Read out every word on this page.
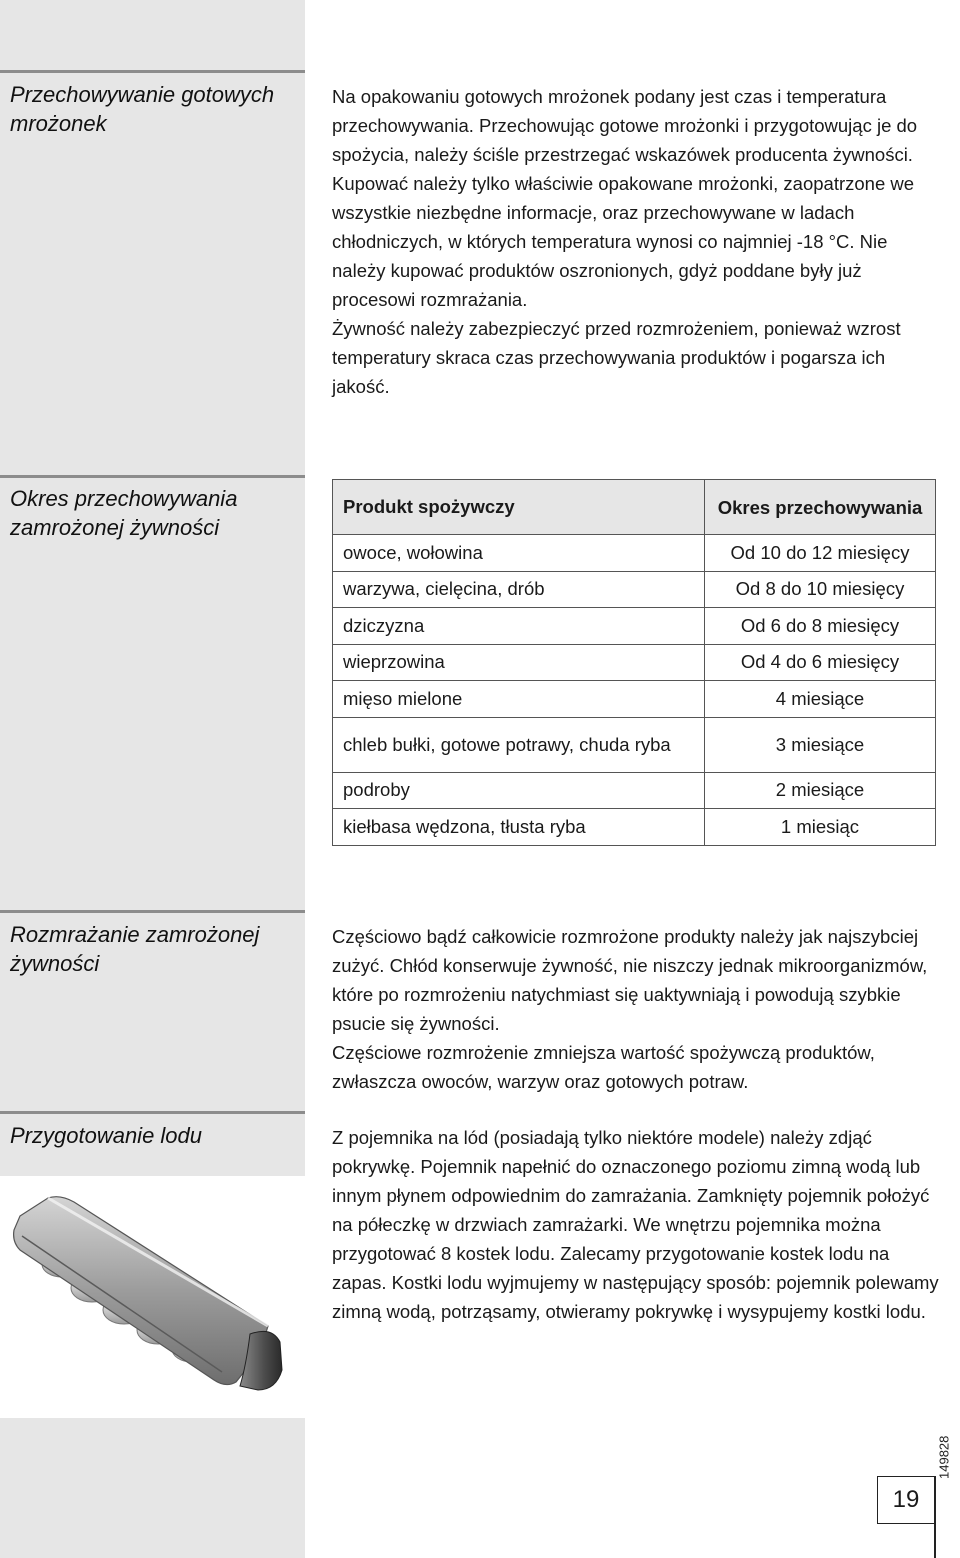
Przechowywanie gotowych mrożonek

Na opakowaniu gotowych mrożonek podany jest czas i temperatura przechowywania. Przechowując gotowe mrożonki i przygotowując je do spożycia, należy ściśle przestrzegać wskazówek producenta żywności. Kupować należy tylko właściwie opakowane mrożonki, zaopatrzone we wszystkie niezbędne informacje, oraz przechowywane w ladach chłodniczych, w których temperatura wynosi co najmniej -18 °C. Nie należy kupować produktów oszronionych, gdyż poddane były już procesowi rozmrażania.

Żywność należy zabezpieczyć przed rozmrożeniem, ponieważ wzrost temperatury skraca czas przechowywania produktów i pogarsza ich jakość.

Okres przechowywania zamrożonej żywności
Produkt spożywczy	Okres przechowywania
owoce, wołowina	Od 10 do 12 miesięcy
warzywa, cielęcina, drób	Od 8 do 10 miesięcy
dziczyzna	Od 6 do 8 miesięcy
wieprzowina	Od 4 do 6 miesięcy
mięso mielone	4 miesiące
chleb bułki, gotowe potrawy, chuda ryba	3 miesiące
podroby	2 miesiące
kiełbasa wędzona, tłusta ryba	1 miesiąc
Rozmrażanie zamrożonej żywności

Częściowo bądź całkowicie rozmrożone produkty należy jak najszybciej zużyć. Chłód konserwuje żywność, nie niszczy jednak mikroorganizmów, które po rozmrożeniu natychmiast się uaktywniają i powodują szybkie psucie się żywności.

Częściowe rozmrożenie zmniejsza wartość spożywczą produktów, zwłaszcza owoców, warzyw oraz gotowych potraw.

Przygotowanie lodu	Z pojemnika na lód (posiadają tylko niektóre modele) należy zdjąć pokrywkę. Pojemnik napełnić do oznaczonego poziomu zimną wodą lub innym płynem odpowiednim do zamrażania. Zamknięty pojemnik położyć na półeczkę w drzwiach zamrażarki. We wnętrzu pojemnika można przygotować 8 kostek lodu. Zalecamy przygotowanie kostek lodu na zapas. Kostki lodu wyjmujemy w następujący sposób: pojemnik polewamy zimną wodą, potrząsamy, otwieramy pokrywkę i wysypujemy kostki lodu.

149828
19
